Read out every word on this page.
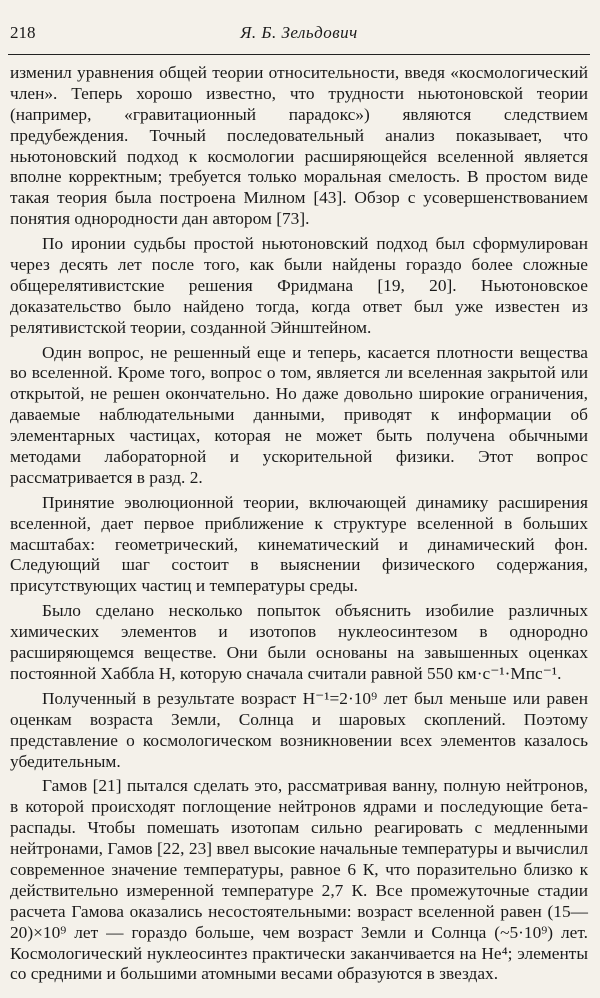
218	Я. Б. Зельдович

изменил уравнения общей теории относительности, введя «космологический член». Теперь хорошо известно, что трудности ньютоновской теории (например, «гравитационный парадокс») являются следствием предубеждения. Точный последовательный анализ показывает, что ньютоновский подход к космологии расширяющейся вселенной является вполне корректным; требуется только моральная смелость. В простом виде такая теория была построена Милном [43]. Обзор с усовершенствованием понятия однородности дан автором [73].

По иронии судьбы простой ньютоновский подход был сформулирован через десять лет после того, как были найдены гораздо более сложные общерелятивистские решения Фридмана [19, 20]. Ньютоновское доказательство было найдено тогда, когда ответ был уже известен из релятивистской теории, созданной Эйнштейном.

Один вопрос, не решенный еще и теперь, касается плотности вещества во вселенной. Кроме того, вопрос о том, является ли вселенная закрытой или открытой, не решен окончательно. Но даже довольно широкие ограничения, даваемые наблюдательными данными, приводят к информации об элементарных частицах, которая не может быть получена обычными методами лабораторной и ускорительной физики. Этот вопрос рассматривается в разд. 2.

Принятие эволюционной теории, включающей динамику расширения вселенной, дает первое приближение к структуре вселенной в больших масштабах: геометрический, кинематический и динамический фон. Следующий шаг состоит в выяснении физического содержания, присутствующих частиц и температуры среды.

Было сделано несколько попыток объяснить изобилие различных химических элементов и изотопов нуклеосинтезом в однородно расширяющемся веществе. Они были основаны на завышенных оценках постоянной Хаббла H, которую сначала считали равной 550 км·с⁻¹·Мпс⁻¹.

Полученный в результате возраст H⁻¹=2·10⁹ лет был меньше или равен оценкам возраста Земли, Солнца и шаровых скоплений. Поэтому представление о космологическом возникновении всех элементов казалось убедительным.

Гамов [21] пытался сделать это, рассматривая ванну, полную нейтронов, в которой происходят поглощение нейтронов ядрами и последующие бета-распады. Чтобы помешать изотопам сильно реагировать с медленными нейтронами, Гамов [22, 23] ввел высокие начальные температуры и вычислил современное значение температуры, равное 6 К, что поразительно близко к действительно измеренной температуре 2,7 К. Все промежуточные стадии расчета Гамова оказались несостоятельными: возраст вселенной равен (15—20)×10⁹ лет — гораздо больше, чем возраст Земли и Солнца (~5·10⁹) лет. Космологический нуклеосинтез практически заканчивается на He⁴; элементы со средними и большими атомными весами образуются в звездах.
